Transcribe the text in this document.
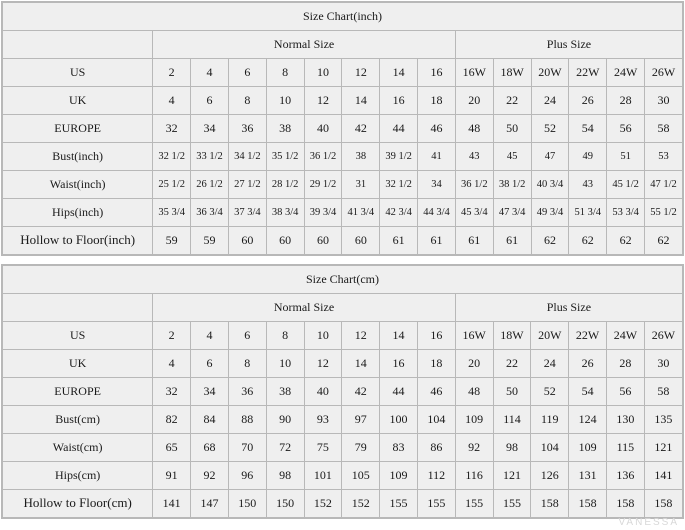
Size Chart(inch)														
	Normal Size								Plus Size					
US	2	4	6	8	10	12	14	16	16W	18W	20W	22W	24W	26W
UK	4	6	8	10	12	14	16	18	20	22	24	26	28	30
EUROPE	32	34	36	38	40	42	44	46	48	50	52	54	56	58
Bust(inch)	32 1/2	33 1/2	34 1/2	35 1/2	36 1/2	38	39 1/2	41	43	45	47	49	51	53
Waist(inch)	25 1/2	26 1/2	27 1/2	28 1/2	29 1/2	31	32 1/2	34	36 1/2	38 1/2	40 3/4	43	45 1/2	47 1/2
Hips(inch)	35 3/4	36 3/4	37 3/4	38 3/4	39 3/4	41 3/4	42 3/4	44 3/4	45 3/4	47 3/4	49 3/4	51 3/4	53 3/4	55 1/2
Hollow to Floor(inch)	59	59	60	60	60	60	61	61	61	61	62	62	62	62
Size Chart(cm)														
	Normal Size								Plus Size					
US	2	4	6	8	10	12	14	16	16W	18W	20W	22W	24W	26W
UK	4	6	8	10	12	14	16	18	20	22	24	26	28	30
EUROPE	32	34	36	38	40	42	44	46	48	50	52	54	56	58
Bust(cm)	82	84	88	90	93	97	100	104	109	114	119	124	130	135
Waist(cm)	65	68	70	72	75	79	83	86	92	98	104	109	115	121
Hips(cm)	91	92	96	98	101	105	109	112	116	121	126	131	136	141
Hollow to Floor(cm)	141	147	150	150	152	152	155	155	155	155	158	158	158	158
VANESSA
